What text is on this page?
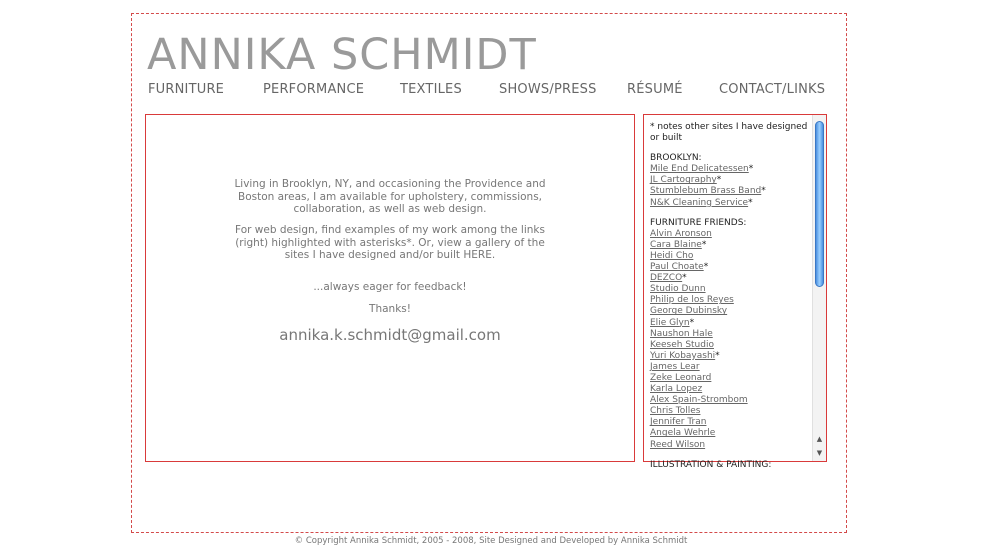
ANNIKA SCHMIDT
FURNITURE	PERFORMANCE	TEXTILES	SHOWS/PRESS RÉSUMÉ	CONTACT/LINKS

Living in Brooklyn, NY, and occasioning the Providence and Boston areas, I am available for upholstery, commissions, collaboration, as well as web design.

For web design, find examples of my work among the links (right) highlighted with asterisks*. Or, view a gallery of the sites I have designed and/or built HERE.

...always eager for feedback!

Thanks!

annika.k.schmidt@gmail.com
* notes other sites I have designed or built
BROOKLYN:
Mile End Delicatessen*
JL Cartography*
Stumblebum Brass Band*
N&K Cleaning Service*
FURNITURE FRIENDS:
Alvin Aronson
Cara Blaine*
Heidi Cho
Paul Choate*
DEZCO*
Studio Dunn
Philip de los Reyes
George Dubinsky
Elie Glyn*
Naushon Hale
Keeseh Studio
Yuri Kobayashi*
James Lear
Zeke Leonard
Karla Lopez
Alex Spain-Strombom
Chris Tolles
Jennifer Tran
Angela Wehrle
Reed Wilson
ILLUSTRATION & PAINTING:
▲
▼
© Copyright Annika Schmidt, 2005 - 2008, Site Designed and Developed by Annika Schmidt
